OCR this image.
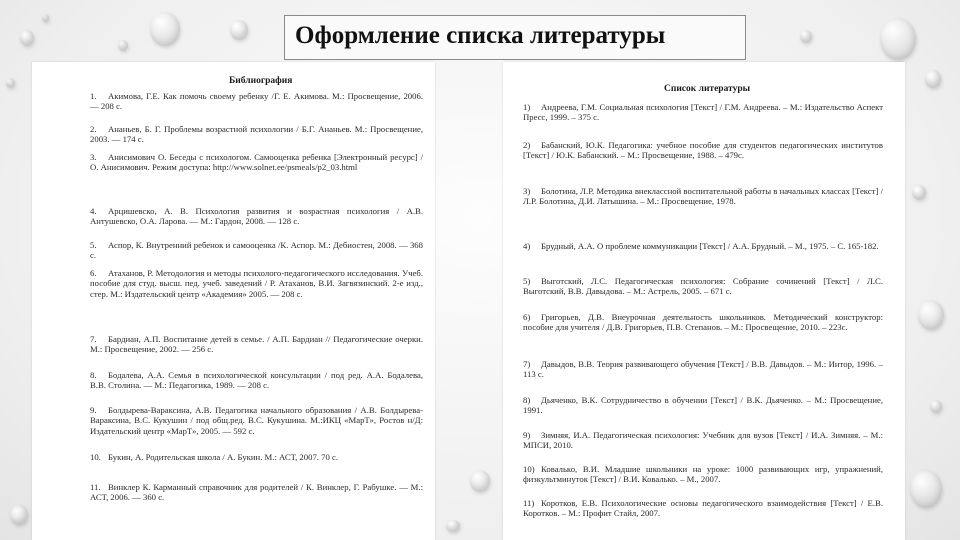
Оформление списка литературы
Библиография
1. Акимова, Г.Е. Как помочь своему ребенку /Г. Е. Акимова. М.: Просвещение, 2006. — 208 с.
2. Ананьев, Б. Г. Проблемы возрастной психологии / Б.Г. Ананьев. М.: Просвещение, 2003. — 174 с.
3. Анисимович О. Беседы с психологом. Самооценка ребенка [Электронный ресурс] / О. Анисимович. Режим доступа: http://www.solnet.ee/psmeals/p2_03.html
4. Арцишевско, А. В. Психология развития и возрастная психология / А.В. Антушевско, О.А. Ларова. — М.: Гардон, 2008. — 128 с.
5. Аспор, К. Внутренний ребенок и самооценка /К. Аспор. М.: Дебиостен, 2008. — 368 с.
6. Атаханов, Р. Методология и методы психолого-педагогического исследования. Учеб. пособие для студ. высш. пед. учеб. заведений / Р. Атаханов, В.И. Загвязинский. 2-е изд., стер. М.: Издательский центр «Академия» 2005. — 208 с.
7. Бардиан, А.П. Воспитание детей в семье. / А.П. Бардиан // Педагогические очерки. М.: Просвещение, 2002. — 256 с.
8. Бодалева, А.А. Семья в психологической консультации / под ред. А.А. Бодалева, В.В. Столина. — М.: Педагогика, 1989. — 208 с.
9. Болдырева-Вараксина, А.В. Педагогика начального образования / А.В. Болдырева-Вараксина, В.С. Кукушин / под общ.ред. В.С. Кукушина. М.:ИКЦ «МарТ», Ростов н/Д: Издательский центр «МарТ», 2005. — 592 с.
10. Букин, А. Родительская школа / А. Букин. М.: АСТ, 2007. 70 с.
11. Винклер К. Карманный справочник для родителей / К. Винклер, Г. Рабушке. — М.: АСТ, 2006. — 360 с.
Список литературы
1) Андреева, Г.М. Социальная психология [Текст] / Г.М. Андреева. – М.: Издательство Аспект Пресс, 1999. – 375 с.
2) Бабанский, Ю.К. Педагогика: учебное пособие для студентов педагогических институтов [Текст] / Ю.К. Бабанский. – М.: Просвещение, 1988. – 479с.
3) Болотина, Л.Р. Методика внеклассной воспитательной работы в начальных классах [Текст] / Л.Р. Болотина, Д.И. Латышина. – М.: Просвещение, 1978.
4) Брудный, А.А. О проблеме коммуникации [Текст] / А.А. Брудный. – М., 1975. – С. 165-182.
5) Выготский, Л.С. Педагогическая психология: Собрание сочинений [Текст] / Л.С. Выготский, В.В. Давыдова. – М.: Астрель, 2005. – 671 с.
6) Григорьев, Д.В. Внеурочная деятельность школьников. Методический конструктор: пособие для учителя / Д.В. Григорьев, П.В. Степанов. – М.: Просвещение, 2010. – 223с.
7) Давыдов, В.В. Теория развивающего обучения [Текст] / В.В. Давыдов. – М.: Интор, 1996. – 113 с.
8) Дьяченко, В.К. Сотрудничество в обучении [Текст] / В.К. Дьяченко. – М.: Просвещение, 1991.
9) Зимняя, И.А. Педагогическая психология: Учебник для вузов [Текст] / И.А. Зимняя. – М.: МПСИ, 2010.
10) Ковалько, В.И. Младшие школьники на уроке: 1000 развивающих игр, упражнений, физкультминуток [Текст] / В.И. Ковалько. – М., 2007.
11) Коротков, Е.В. Психологические основы педагогического взаимодействия [Текст] / Е.В. Коротков. – М.: Профит Стайл, 2007.
